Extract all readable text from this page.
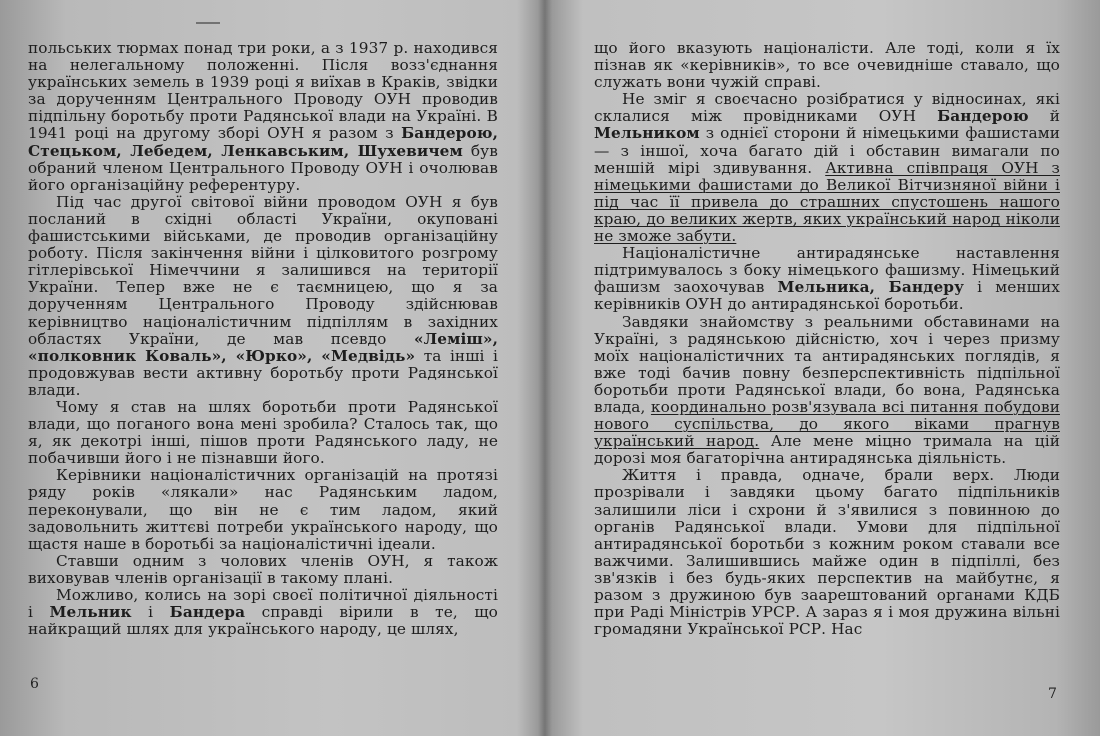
польських тюрмах понад три роки, а з 1937 р. находився на нелегальному положенні. Після возз'єднання українських земель в 1939 році я виїхав в Краків, звідки за дорученням Центрального Проводу ОУН проводив підпільну боротьбу проти Радянської влади на Україні. В 1941 році на другому зборі ОУН я разом з Бандерою, Стецьком, Лебедем, Ленкавським, Шухевичем був обраний членом Центрального Проводу ОУН і очолював його організаційну референтуру.

Під час другої світової війни проводом ОУН я був посланий в східні області України, окуповані фашистськими військами, де проводив організаційну роботу. Після закінчення війни і цілковитого розгрому гітлерівської Німеччини я залишився на території України. Тепер вже не є таємницею, що я за дорученням Центрального Проводу здійснював керівництво націоналістичним підпіллям в західних областях України, де мав псевдо «Леміш», «полковник Коваль», «Юрко», «Медвідь» та інші і продовжував вести активну боротьбу проти Радянської влади.

Чому я став на шлях боротьби проти Радянської влади, що поганого вона мені зробила? Сталось так, що я, як декотрі інші, пішов проти Радянського ладу, не побачивши його і не пізнавши його.

Керівники націоналістичних організацій на протязі ряду років «лякали» нас Радянським ладом, переконували, що він не є тим ладом, який задовольнить життєві потреби українського народу, що щастя наше в боротьбі за націоналістичні ідеали.

Ставши одним з чолових членів ОУН, я також виховував членів організації в такому плані.

Можливо, колись на зорі своєї політичної діяльності і Мельник і Бандера справді вірили в те, що найкращий шлях для українського народу, це шлях,

6

що його вказують націоналісти. Але тоді, коли я їх пізнав як «керівників», то все очевидніше ставало, що служать вони чужій справі.

Не зміг я своєчасно розібратися у відносинах, які склалися між провідниками ОУН Бандерою й Мельником з однієї сторони й німецькими фашистами — з іншої, хоча багато дій і обставин вимагали по меншій мірі здивування. Активна співпраця ОУН з німецькими фашистами до Великої Вітчизняної війни і під час її привела до страшних спустошень нашого краю, до великих жертв, яких український народ ніколи не зможе забути.

Націоналістичне антирадянське наставлення підтримувалось з боку німецького фашизму. Німецький фашизм заохочував Мельника, Бандеру і менших керівників ОУН до антирадянської боротьби.

Завдяки знайомству з реальними обставинами на Україні, з радянською дійсністю, хоч і через призму моїх націоналістичних та антирадянських поглядів, я вже тоді бачив повну безперспективність підпільної боротьби проти Радянської влади, бо вона, Радянська влада, координально розв'язувала всі питання побудови нового суспільства, до якого віками прагнув український народ. Але мене міцно тримала на цій дорозі моя багаторічна антирадянська діяльність.

Життя і правда, одначе, брали верх. Люди прозрівали і завдяки цьому багато підпільників залишили ліси і схрони й з'явилися з повинною до органів Радянської влади. Умови для підпільної антирадянської боротьби з кожним роком ставали все важчими. Залишившись майже один в підпіллі, без зв'язків і без будь-яких перспектив на майбутнє, я разом з дружиною був заарештований органами КДБ при Раді Міністрів УРСР. А зараз я і моя дружина вільні громадяни Української РСР. Нас

7
